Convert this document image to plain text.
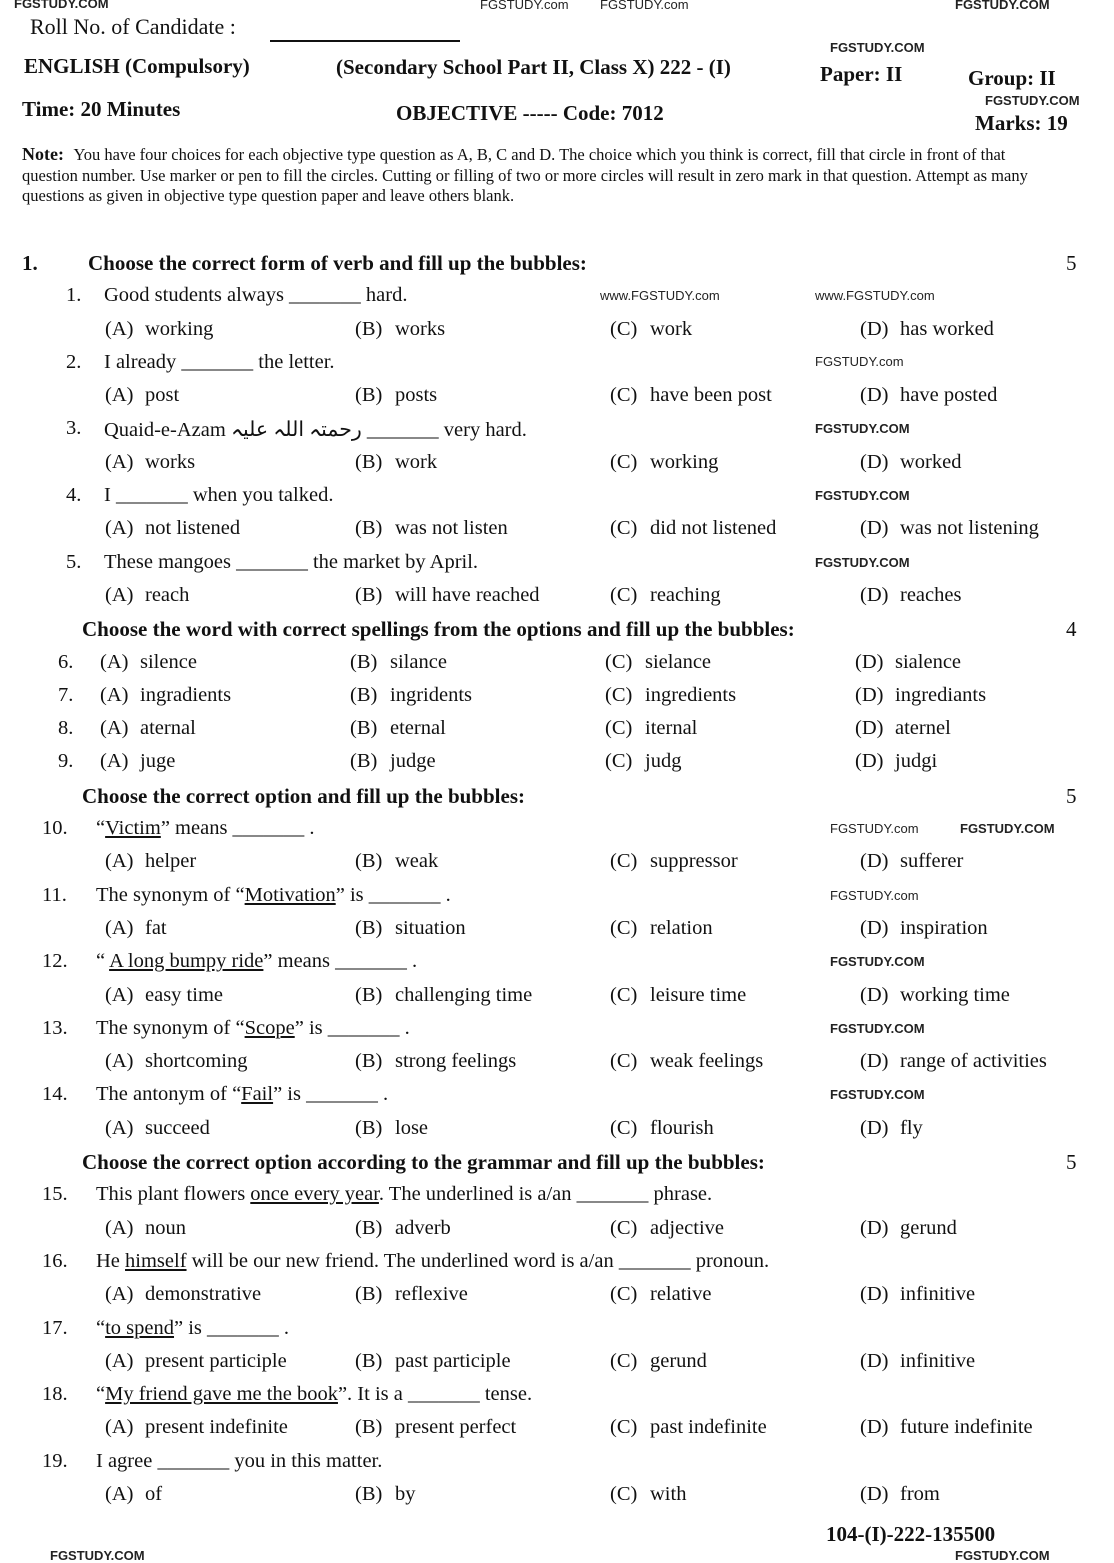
Roll No. of Candidate :
ENGLISH (Compulsory)	(Secondary School Part II, Class X) 222 - (I)	Paper: II	Group: II
Time: 20 Minutes	OBJECTIVE ----- Code: 7012	Marks: 19
Note: You have four choices for each objective type question as A, B, C and D. The choice which you think is correct, fill that circle in front of that question number. Use marker or pen to fill the circles. Cutting or filling of two or more circles will result in zero mark in that question. Attempt as many questions as given in objective type question paper and leave others blank.
FGSTUDY.COM	FGSTUDY.com	FGSTUDY.COM
FGSTUDY.com
www.FGSTUDY.com	www.FGSTUDY.com
FGSTUDY.COM
FGSTUDY.COM
FGSTUDY.com
FGSTUDY.COM
FGSTUDY.COM
FGSTUDY.COM
FGSTUDY.com	FGSTUDY.COM
FGSTUDY.com
FGSTUDY.COM
FGSTUDY.COM
FGSTUDY.COM
FGSTUDY.COM	FGSTUDY.COM
1. Choose the correct form of verb and fill up the bubbles:	5
1. Good students always _______ hard.
(A) working	(B) works	(C) work	(D) has worked
2. I already _______ the letter.
(A) post	(B) posts	(C) have been post	(D) have posted
3. Quaid-e-Azam رحمتہ اللہ علیہ _______ very hard.
(A) works	(B) work	(C) working	(D) worked
4. I _______ when you talked.
(A) not listened	(B) was not listen	(C) did not listened	(D) was not listening
5. These mangoes _______ the market by April.
(A) reach	(B) will have reached	(C) reaching	(D) reaches
Choose the word with correct spellings from the options and fill up the bubbles:	4
6. (A) silence	(B) silance	(C) sielance	(D) sialence
7. (A) ingradients	(B) ingridents	(C) ingredients	(D) ingrediants
8. (A) aternal	(B) eternal	(C) iternal	(D) aternel
9. (A) juge	(B) judge	(C) judg	(D) judgi
Choose the correct option and fill up the bubbles:	5
10. “Victim” means _______ .
(A) helper	(B) weak	(C) suppressor	(D) sufferer
11. The synonym of “Motivation” is _______ .
(A) fat	(B) situation	(C) relation	(D) inspiration
12. “ A long bumpy ride” means _______ .
(A) easy time	(B) challenging time	(C) leisure time	(D) working time
13. The synonym of “Scope” is _______ .
(A) shortcoming	(B) strong feelings	(C) weak feelings	(D) range of activities
14. The antonym of “Fail” is _______ .
(A) succeed	(B) lose	(C) flourish	(D) fly
Choose the correct option according to the grammar and fill up the bubbles:	5
15. This plant flowers once every year. The underlined is a/an _______ phrase.
(A) noun	(B) adverb	(C) adjective	(D) gerund
16. He himself will be our new friend. The underlined word is a/an _______ pronoun.
(A) demonstrative	(B) reflexive	(C) relative	(D) infinitive
17. “to spend” is _______ .
(A) present participle	(B) past participle	(C) gerund	(D) infinitive
18. “My friend gave me the book”. It is a _______ tense.
(A) present indefinite	(B) present perfect	(C) past indefinite	(D) future indefinite
19. I agree _______ you in this matter.
(A) of	(B) by	(C) with	(D) from
104-(I)-222-135500
